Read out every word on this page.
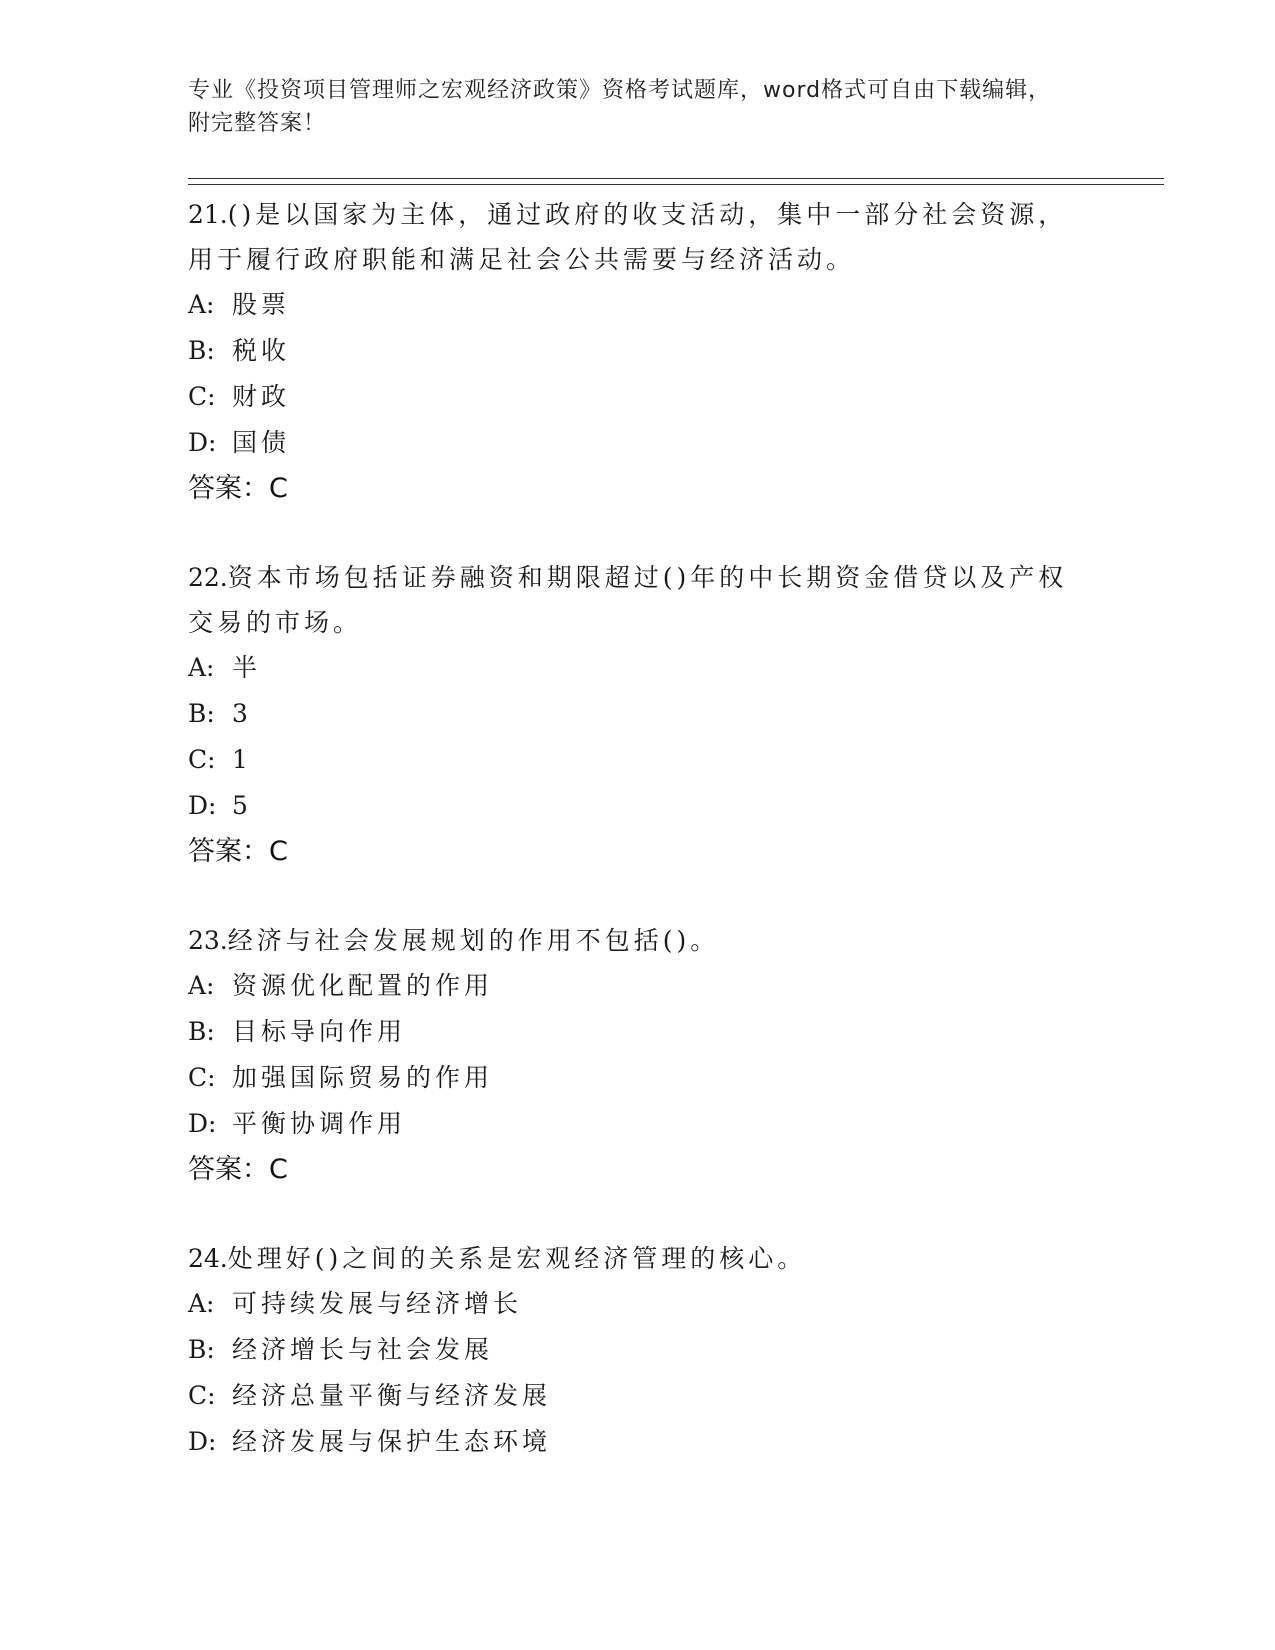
专业《投资项目管理师之宏观经济政策》资格考试题库，word格式可自由下载编辑，附完整答案！

21.()是以国家为主体，通过政府的收支活动，集中一部分社会资源，用于履行政府职能和满足社会公共需要与经济活动。

A: 股票

B: 税收

C: 财政

D: 国债

答案：C

22.资本市场包括证券融资和期限超过()年的中长期资金借贷以及产权交易的市场。

A: 半

B: 3

C: 1

D: 5

答案：C

23.经济与社会发展规划的作用不包括()。

A: 资源优化配置的作用

B: 目标导向作用

C: 加强国际贸易的作用

D: 平衡协调作用

答案：C

24.处理好()之间的关系是宏观经济管理的核心。

A: 可持续发展与经济增长

B: 经济增长与社会发展

C: 经济总量平衡与经济发展

D: 经济发展与保护生态环境
